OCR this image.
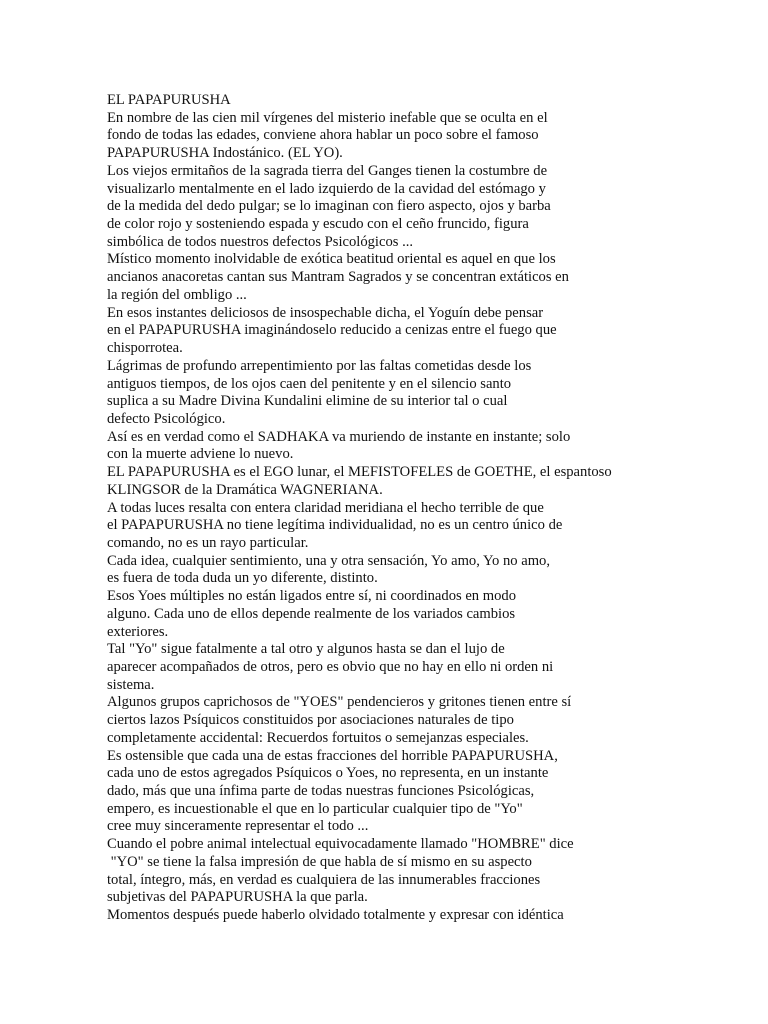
EL PAPAPURUSHA
En nombre de las cien mil vírgenes del misterio inefable que se oculta en el
fondo de todas las edades, conviene ahora hablar un poco sobre el famoso
PAPAPURUSHA Indostánico. (EL YO).
Los viejos ermitaños de la sagrada tierra del Ganges tienen la costumbre de
visualizarlo mentalmente en el lado izquierdo de la cavidad del estómago y
de la medida del dedo pulgar; se lo imaginan con fiero aspecto, ojos y barba
de color rojo y sosteniendo espada y escudo con el ceño fruncido, figura
simbólica de todos nuestros defectos Psicológicos ...
Místico momento inolvidable de exótica beatitud oriental es aquel en que los
ancianos anacoretas cantan sus Mantram Sagrados y se concentran extáticos en
la región del ombligo ...
En esos instantes deliciosos de insospechable dicha, el Yoguín debe pensar
en el PAPAPURUSHA imaginándoselo reducido a cenizas entre el fuego que
chisporrotea.
Lágrimas de profundo arrepentimiento por las faltas cometidas desde los
antiguos tiempos, de los ojos caen del penitente y en el silencio santo
suplica a su Madre Divina Kundalini elimine de su interior tal o cual
defecto Psicológico.
Así es en verdad como el SADHAKA va muriendo de instante en instante; solo
con la muerte adviene lo nuevo.
EL PAPAPURUSHA es el EGO lunar, el MEFISTOFELES de GOETHE, el espantoso
KLINGSOR de la Dramática WAGNERIANA.
A todas luces resalta con entera claridad meridiana el hecho terrible de que
el PAPAPURUSHA no tiene legítima individualidad, no es un centro único de
comando, no es un rayo particular.
Cada idea, cualquier sentimiento, una y otra sensación, Yo amo, Yo no amo,
es fuera de toda duda un yo diferente, distinto.
Esos Yoes múltiples no están ligados entre sí, ni coordinados en modo
alguno. Cada uno de ellos depende realmente de los variados cambios
exteriores.
Tal "Yo" sigue fatalmente a tal otro y algunos hasta se dan el lujo de
aparecer acompañados de otros, pero es obvio que no hay en ello ni orden ni
sistema.
Algunos grupos caprichosos de "YOES" pendencieros y gritones tienen entre sí
ciertos lazos Psíquicos constituidos por asociaciones naturales de tipo
completamente accidental: Recuerdos fortuitos o semejanzas especiales.
Es ostensible que cada una de estas fracciones del horrible PAPAPURUSHA,
cada uno de estos agregados Psíquicos o Yoes, no representa, en un instante
dado, más que una ínfima parte de todas nuestras funciones Psicológicas,
empero, es incuestionable el que en lo particular cualquier tipo de "Yo"
cree muy sinceramente representar el todo ...
Cuando el pobre animal intelectual equivocadamente llamado "HOMBRE" dice
"YO" se tiene la falsa impresión de que habla de sí mismo en su aspecto
total, íntegro, más, en verdad es cualquiera de las innumerables fracciones
subjetivas del PAPAPURUSHA la que parla.
Momentos después puede haberlo olvidado totalmente y expresar con idéntica
